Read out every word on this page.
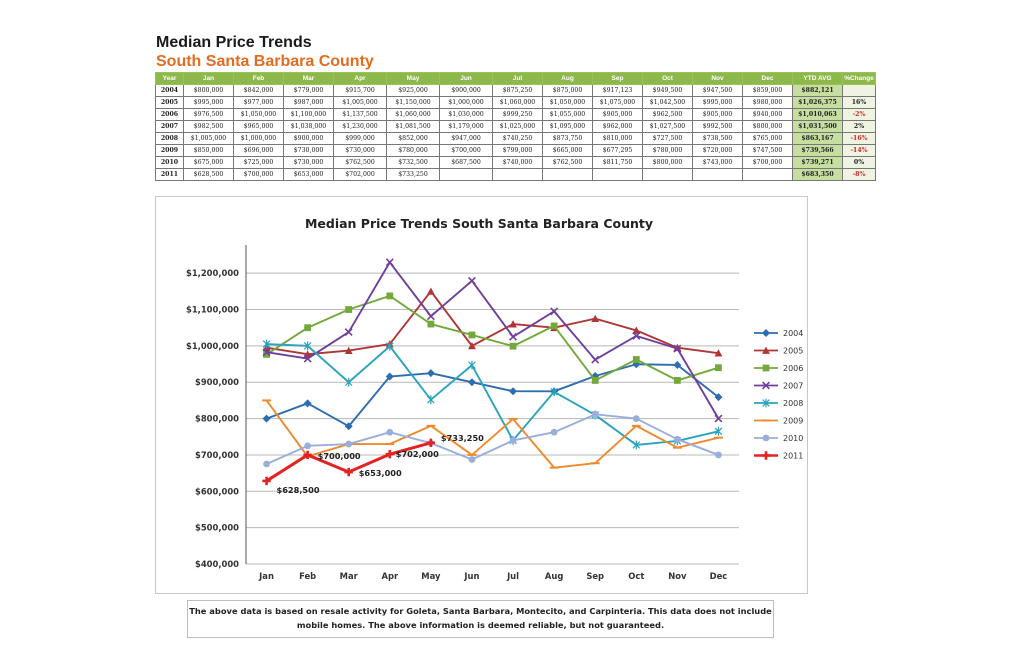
Median Price Trends
South Santa Barbara County
Year	Jan	Feb	Mar	Apr	May	Jun	Jul	Aug	Sep	Oct	Nov	Dec	YTD AVG	%Change
2004	$800,000	$842,000	$779,000	$915,700	$925,000	$900,000	$875,250	$875,000	$917,123	$949,500	$947,500	$859,000	$882,121	
2005	$995,000	$977,000	$987,000	$1,005,000	$1,150,000	$1,000,000	$1,060,000	$1,050,000	$1,075,000	$1,042,500	$995,000	$980,000	$1,026,375	16%
2006	$976,500	$1,050,000	$1,100,000	$1,137,500	$1,060,000	$1,030,000	$999,250	$1,055,000	$905,000	$962,500	$905,000	$940,000	$1,010,063	-2%
2007	$982,500	$965,000	$1,038,000	$1,230,000	$1,081,500	$1,179,000	$1,025,000	$1,095,000	$962,000	$1,027,500	$992,500	$800,000	$1,031,500	2%
2008	$1,005,000	$1,000,000	$900,000	$999,000	$852,000	$947,000	$740,250	$873,750	$810,000	$727,500	$738,500	$765,000	$863,167	-16%
2009	$850,000	$696,000	$730,000	$730,000	$780,000	$700,000	$799,000	$665,000	$677,295	$780,000	$720,000	$747,500	$739,566	-14%
2010	$675,000	$725,000	$730,000	$762,500	$732,500	$687,500	$740,000	$762,500	$811,750	$800,000	$743,000	$700,000	$739,271	0%
2011	$628,500	$700,000	$653,000	$702,000	$733,250								$683,350	-8%
Median Price Trends South Santa Barbara County
$400,000
$500,000
$600,000
$700,000
$800,000
$900,000
$1,000,000
$1,100,000
$1,200,000
Jan	Feb	Mar	Apr	May	Jun	Jul	Aug	Sep	Oct	Nov	Dec
$628,500
$700,000
$653,000
$702,000
$733,250
2004
2005
2006
2007
2008
2009
2010
2011
The above data is based on resale activity for Goleta, Santa Barbara, Montecito, and Carpinteria. This data does not include mobile homes. The above information is deemed reliable, but not guaranteed.
